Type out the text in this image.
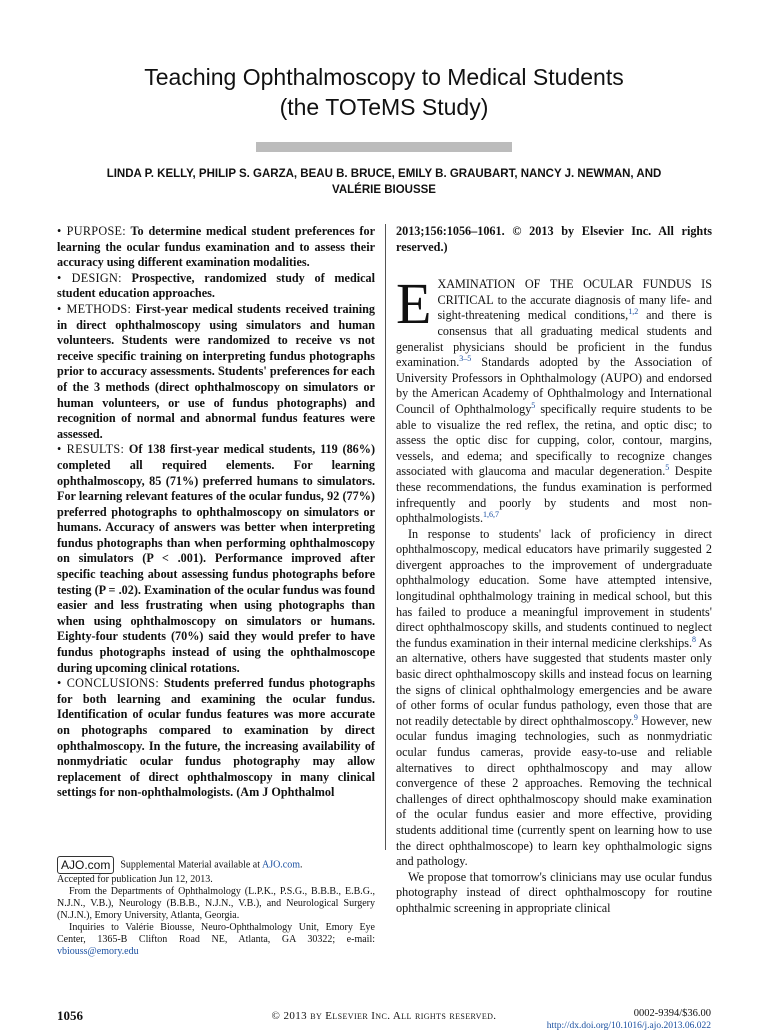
Teaching Ophthalmoscopy to Medical Students
(the TOTeMS Study)
LINDA P. KELLY, PHILIP S. GARZA, BEAU B. BRUCE, EMILY B. GRAUBART, NANCY J. NEWMAN, AND
VALÉRIE BIOUSSE

• PURPOSE: To determine medical student preferences for learning the ocular fundus examination and to assess their accuracy using different examination modalities.

• DESIGN: Prospective, randomized study of medical student education approaches.

• METHODS: First-year medical students received training in direct ophthalmoscopy using simulators and human volunteers. Students were randomized to receive vs not receive specific training on interpreting fundus photographs prior to accuracy assessments. Students' preferences for each of the 3 methods (direct ophthalmoscopy on simulators or human volunteers, or use of fundus photographs) and recognition of normal and abnormal fundus features were assessed.

• RESULTS: Of 138 first-year medical students, 119 (86%) completed all required elements. For learning ophthalmoscopy, 85 (71%) preferred humans to simulators. For learning relevant features of the ocular fundus, 92 (77%) preferred photographs to ophthalmoscopy on simulators or humans. Accuracy of answers was better when interpreting fundus photographs than when performing ophthalmoscopy on simulators (P < .001). Performance improved after specific teaching about assessing fundus photographs before testing (P = .02). Examination of the ocular fundus was found easier and less frustrating when using photographs than when using ophthalmoscopy on simulators or humans. Eighty-four students (70%) said they would prefer to have fundus photographs instead of using the ophthalmoscope during upcoming clinical rotations.

• CONCLUSIONS: Students preferred fundus photographs for both learning and examining the ocular fundus. Identification of ocular fundus features was more accurate on photographs compared to examination by direct ophthalmoscopy. In the future, the increasing availability of nonmydriatic ocular fundus photography may allow replacement of direct ophthalmoscopy in many clinical settings for non-ophthalmologists. (Am J Ophthalmol

2013;156:1056–1061. © 2013 by Elsevier Inc. All rights reserved.)

EXAMINATION OF THE OCULAR FUNDUS IS CRITICAL to the accurate diagnosis of many life- and sight-threatening medical conditions,$^{1,2}$ and there is consensus that all graduating medical students and generalist physicians should be proficient in the fundus examination.$^{3-5}$ Standards adopted by the Association of University Professors in Ophthalmology (AUPO) and endorsed by the American Academy of Ophthalmology and International Council of Ophthalmology$^5$ specifically require students to be able to visualize the red reflex, the retina, and optic disc; to assess the optic disc for cupping, color, contour, margins, vessels, and edema; and specifically to recognize changes associated with glaucoma and macular degeneration.$^5$ Despite these recommendations, the fundus examination is performed infrequently and poorly by students and most non-ophthalmologists.$^{1,6,7}$

In response to students' lack of proficiency in direct ophthalmoscopy, medical educators have primarily suggested 2 divergent approaches to the improvement of undergraduate ophthalmology education. Some have attempted intensive, longitudinal ophthalmology training in medical school, but this has failed to produce a meaningful improvement in students' direct ophthalmoscopy skills, and students continued to neglect the fundus examination in their internal medicine clerkships.$^8$ As an alternative, others have suggested that students master only basic direct ophthalmoscopy skills and instead focus on learning the signs of clinical ophthalmology emergencies and be aware of other forms of ocular fundus pathology, even those that are not readily detectable by direct ophthalmoscopy.$^9$ However, new ocular fundus imaging technologies, such as nonmydriatic ocular fundus cameras, provide easy-to-use and reliable alternatives to direct ophthalmoscopy and may allow convergence of these 2 approaches. Removing the technical challenges of direct ophthalmoscopy should make examination of the ocular fundus easier and more effective, providing students additional time (currently spent on learning how to use the direct ophthalmoscope) to learn key ophthalmologic signs and pathology.

We propose that tomorrow's clinicians may use ocular fundus photography instead of direct ophthalmoscopy for routine ophthalmic screening in appropriate clinical

AJO.com Supplemental Material available at AJO.com.

Accepted for publication Jun 12, 2013.

From the Departments of Ophthalmology (L.P.K., P.S.G., B.B.B., E.B.G., N.J.N., V.B.), Neurology (B.B.B., N.J.N., V.B.), and Neurological Surgery (N.J.N.), Emory University, Atlanta, Georgia.

Inquiries to Valérie Biousse, Neuro-Ophthalmology Unit, Emory Eye Center, 1365-B Clifton Road NE, Atlanta, GA 30322; e-mail: vbiouss@emory.edu

1056	© 2013 by Elsevier Inc. All rights reserved.	0002-9394/$36.00
http://dx.doi.org/10.1016/j.ajo.2013.06.022
